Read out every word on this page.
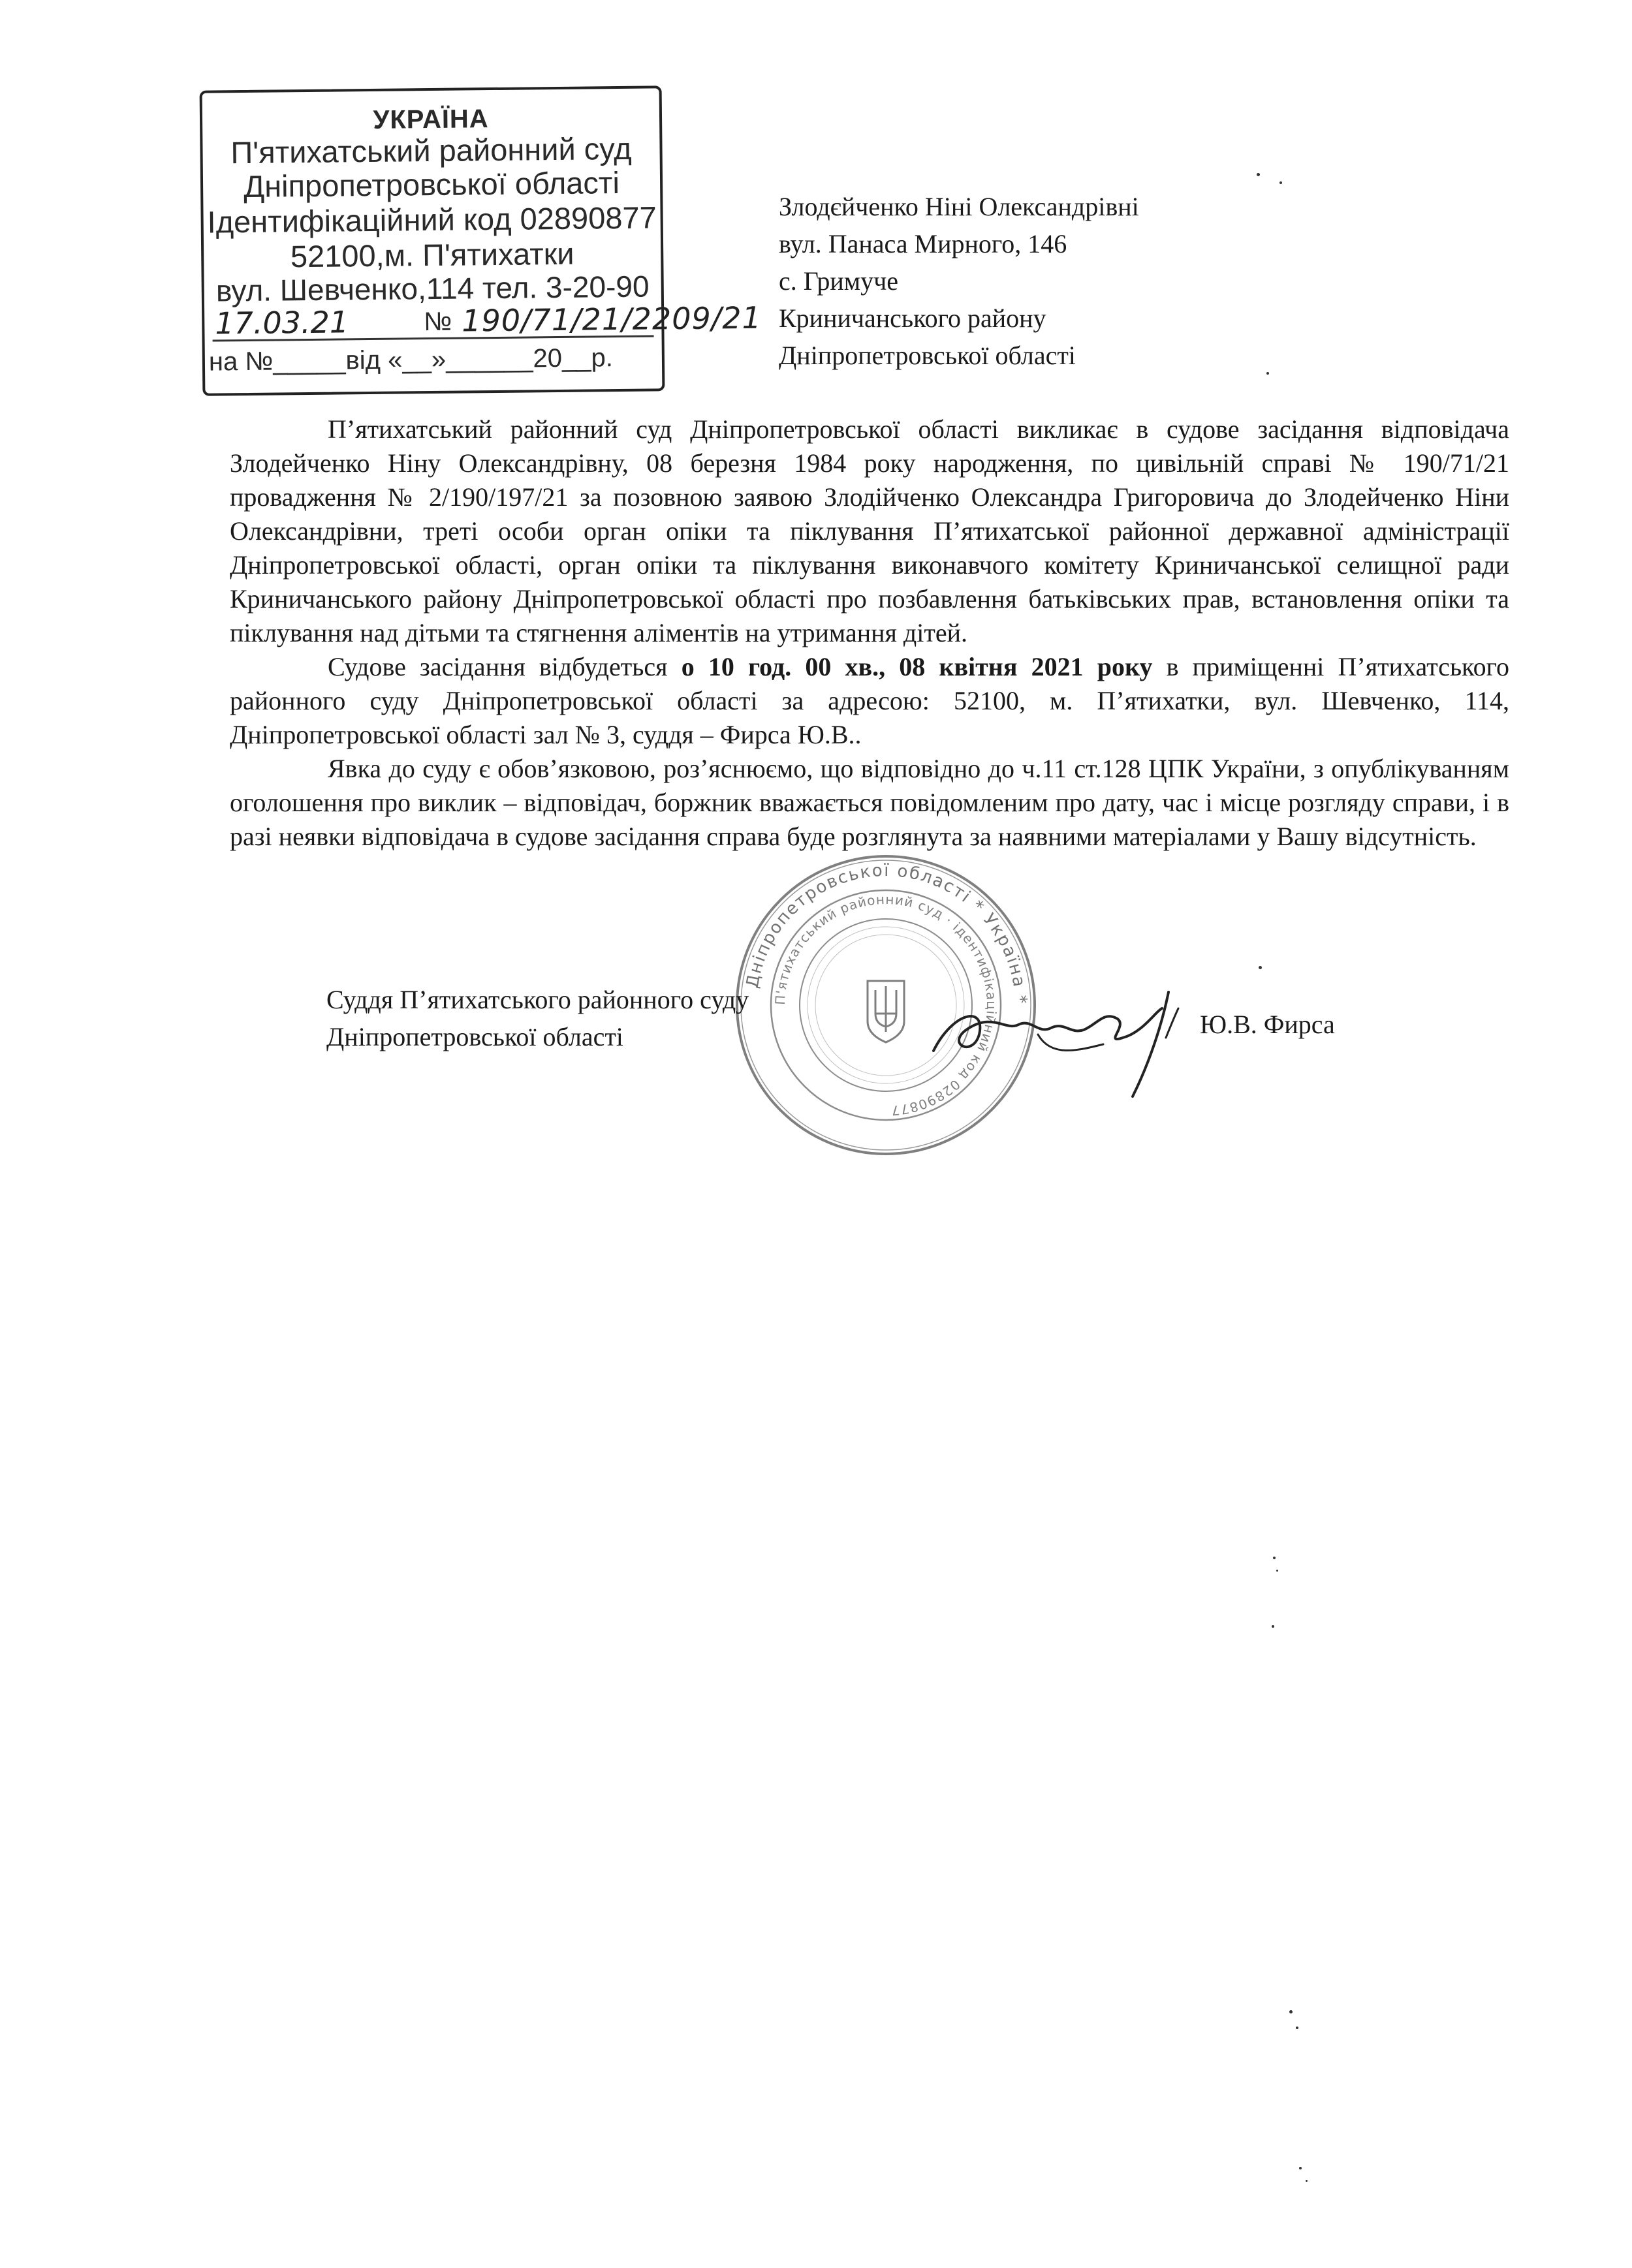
УКРАЇНА
П'ятихатський районний суд
Дніпропетровської області
Ідентифікаційний код 02890877
52100,м. П'ятихатки
вул. Шевченко,114 тел. 3-20-90
17.03.21	№ 190/71/21/2209/21
на №_____від «__»______20__р.
Злодєйченко Ніні Олександрівні
вул. Панаса Мирного, 146
с. Гримуче
Криничанського району
Дніпропетровської області

П’ятихатський районний суд Дніпропетровської області викликає в судове засідання відповідача Злодейченко Ніну Олександрівну, 08 березня 1984 року народження, по цивільній справі № 190/71/21 провадження № 2/190/197/21 за позовною заявою Злодійченко Олександра Григоровича до Злодейченко Ніни Олександрівни, треті особи орган опіки та піклування П’ятихатської районної державної адміністрації Дніпропетровської області, орган опіки та піклування виконавчого комітету Криничанської селищної ради Криничанського району Дніпропетровської області про позбавлення батьківських прав, встановлення опіки та піклування над дітьми та стягнення аліментів на утримання дітей.

Судове засідання відбудеться о 10 год. 00 хв., 08 квітня 2021 року в приміщенні П’ятихатського районного суду Дніпропетровської області за адресою: 52100, м. П’ятихатки, вул. Шевченко, 114, Дніпропетровської області зал № 3, суддя – Фирса Ю.В..

Явка до суду є обов’язковою, роз’яснюємо, що відповідно до ч.11 ст.128 ЦПК України, з опублікуванням оголошення про виклик – відповідач, боржник вважається повідомленим про дату, час і місце розгляду справи, і в разі неявки відповідача в судове засідання справа буде розглянута за наявними матеріалами у Вашу відсутність.

Дніпропетровської області * Україна *
П'ятихатський районний суд · ідентифікаційний код 02890877
Суддя П’ятихатського районного суду
Дніпропетровської області	Ю.В. Фирса
